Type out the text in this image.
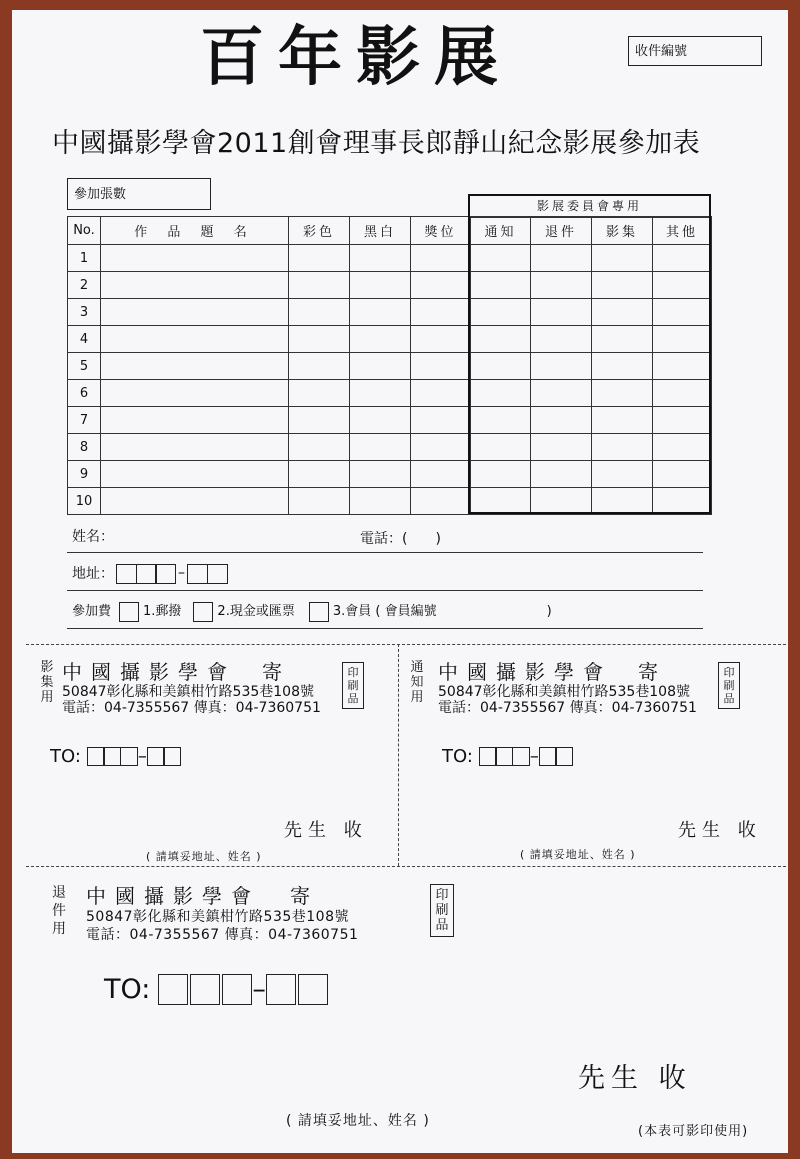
百年影展	收件編號
中國攝影學會2011創會理事長郎靜山紀念影展參加表
參加張數
No.	作 品 題 名	彩色	黑白	獎位	通知	退件	影集	其他
1								
2								
3								
4								
5								
6								
7								
8								
9								
10								
影展委員會專用
姓名：	電話：(　　)
地址：	–
參加費 1.郵撥	2.現金或匯票	3.會員 ( 會員編號	)
影
集
用
中國攝影學會 寄
50847彰化縣和美鎮柑竹路535巷108號
電話：04-7355567 傳真：04-7360751
印
刷
品
TO:	–
先生 收
( 請填妥地址、姓名 )
通
知
用
中國攝影學會 寄
50847彰化縣和美鎮柑竹路535巷108號
電話：04-7355567 傳真：04-7360751
印
刷
品
TO:	–
先生 收
( 請填妥地址、姓名 )
退
件
用
中國攝影學會 寄
50847彰化縣和美鎮柑竹路535巷108號
電話：04-7355567 傳真：04-7360751
印
刷
品
TO:	–
先生 收
( 請填妥地址、姓名 )
(本表可影印使用)
